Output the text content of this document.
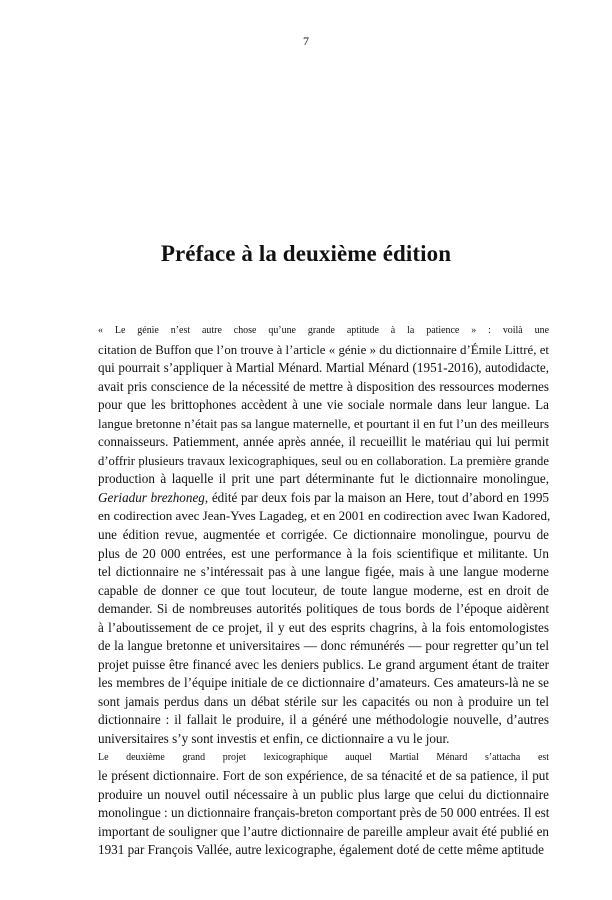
7
Préface à la deuxième édition

« Le génie n’est autre chose qu’une grande aptitude à la patience » : voilà une
citation de Buffon que l’on trouve à l’article « génie » du dictionnaire d’Émile Littré, et
qui pourrait s’appliquer à Martial Ménard. Martial Ménard (1951-2016), autodidacte,
avait pris conscience de la nécessité de mettre à disposition des ressources modernes
pour que les brittophones accèdent à une vie sociale normale dans leur langue. La
langue bretonne n’était pas sa langue maternelle, et pourtant il en fut l’un des meilleurs
connaisseurs. Patiemment, année après année, il recueillit le matériau qui lui permit
d’offrir plusieurs travaux lexicographiques, seul ou en collaboration. La première grande
production à laquelle il prit une part déterminante fut le dictionnaire monolingue,
Geriadur brezhoneg, édité par deux fois par la maison an Here, tout d’abord en 1995
en codirection avec Jean-Yves Lagadeg, et en 2001 en codirection avec Iwan Kadored,
une édition revue, augmentée et corrigée. Ce dictionnaire monolingue, pourvu de
plus de 20 000 entrées, est une performance à la fois scientifique et militante. Un
tel dictionnaire ne s’intéressait pas à une langue figée, mais à une langue moderne
capable de donner ce que tout locuteur, de toute langue moderne, est en droit de
demander. Si de nombreuses autorités politiques de tous bords de l’époque aidèrent
à l’aboutissement de ce projet, il y eut des esprits chagrins, à la fois entomologistes
de la langue bretonne et universitaires — donc rémunérés — pour regretter qu’un tel
projet puisse être financé avec les deniers publics. Le grand argument étant de traiter
les membres de l’équipe initiale de ce dictionnaire d’amateurs. Ces amateurs-là ne se
sont jamais perdus dans un débat stérile sur les capacités ou non à produire un tel
dictionnaire : il fallait le produire, il a généré une méthodologie nouvelle, d’autres
universitaires s’y sont investis et enfin, ce dictionnaire a vu le jour.

Le deuxième grand projet lexicographique auquel Martial Ménard s’attacha est
le présent dictionnaire. Fort de son expérience, de sa ténacité et de sa patience, il put
produire un nouvel outil nécessaire à un public plus large que celui du dictionnaire
monolingue : un dictionnaire français-breton comportant près de 50 000 entrées. Il est
important de souligner que l’autre dictionnaire de pareille ampleur avait été publié en
1931 par François Vallée, autre lexicographe, également doté de cette même aptitude
